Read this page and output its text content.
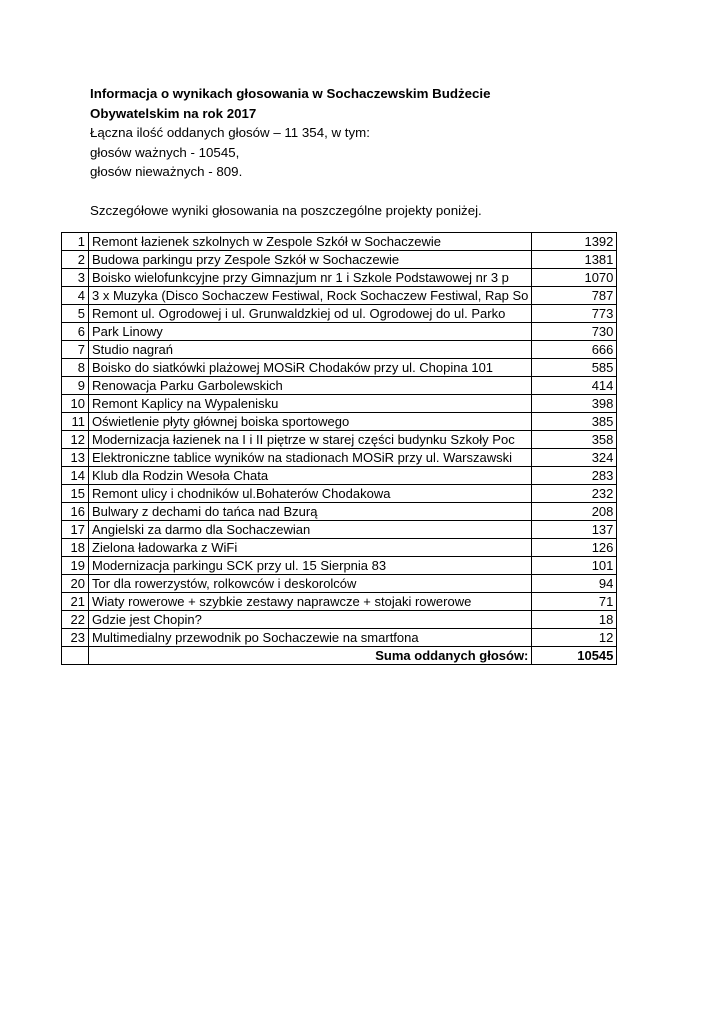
Informacja o wynikach głosowania w Sochaczewskim Budżecie
Obywatelskim na rok 2017
Łączna ilość oddanych głosów – 11 354, w tym:
głosów ważnych - 10545,
głosów nieważnych - 809.
Szczegółowe wyniki głosowania na poszczególne projekty poniżej.
1	Remont łazienek szkolnych w Zespole Szkół w Sochaczewie	1392
2	Budowa parkingu przy Zespole Szkół w Sochaczewie	1381
3	Boisko wielofunkcyjne przy Gimnazjum nr 1 i Szkole Podstawowej nr 3 p	1070
4	3 x Muzyka (Disco Sochaczew Festiwal, Rock Sochaczew Festiwal, Rap So	787
5	Remont ul. Ogrodowej i ul. Grunwaldzkiej od ul. Ogrodowej do ul. Parko	773
6	Park Linowy	730
7	Studio nagrań	666
8	Boisko do siatkówki plażowej MOSiR Chodaków przy ul. Chopina 101	585
9	Renowacja Parku Garbolewskich	414
10	Remont Kaplicy na Wypalenisku	398
11	Oświetlenie płyty głównej boiska sportowego	385
12	Modernizacja łazienek na I i II piętrze w starej części budynku Szkoły Poc	358
13	Elektroniczne tablice wyników na stadionach MOSiR przy ul. Warszawski	324
14	Klub dla Rodzin Wesoła Chata	283
15	Remont ulicy i chodników ul.Bohaterów Chodakowa	232
16	Bulwary z dechami do tańca nad Bzurą	208
17	Angielski za darmo dla Sochaczewian	137
18	Zielona ładowarka z WiFi	126
19	Modernizacja parkingu SCK przy ul. 15 Sierpnia 83	101
20	Tor dla rowerzystów, rolkowców i deskorolców	94
21	Wiaty rowerowe + szybkie zestawy naprawcze + stojaki rowerowe	71
22	Gdzie jest Chopin?	18
23	Multimedialny przewodnik po Sochaczewie na smartfona	12
	Suma oddanych głosów:	10545
